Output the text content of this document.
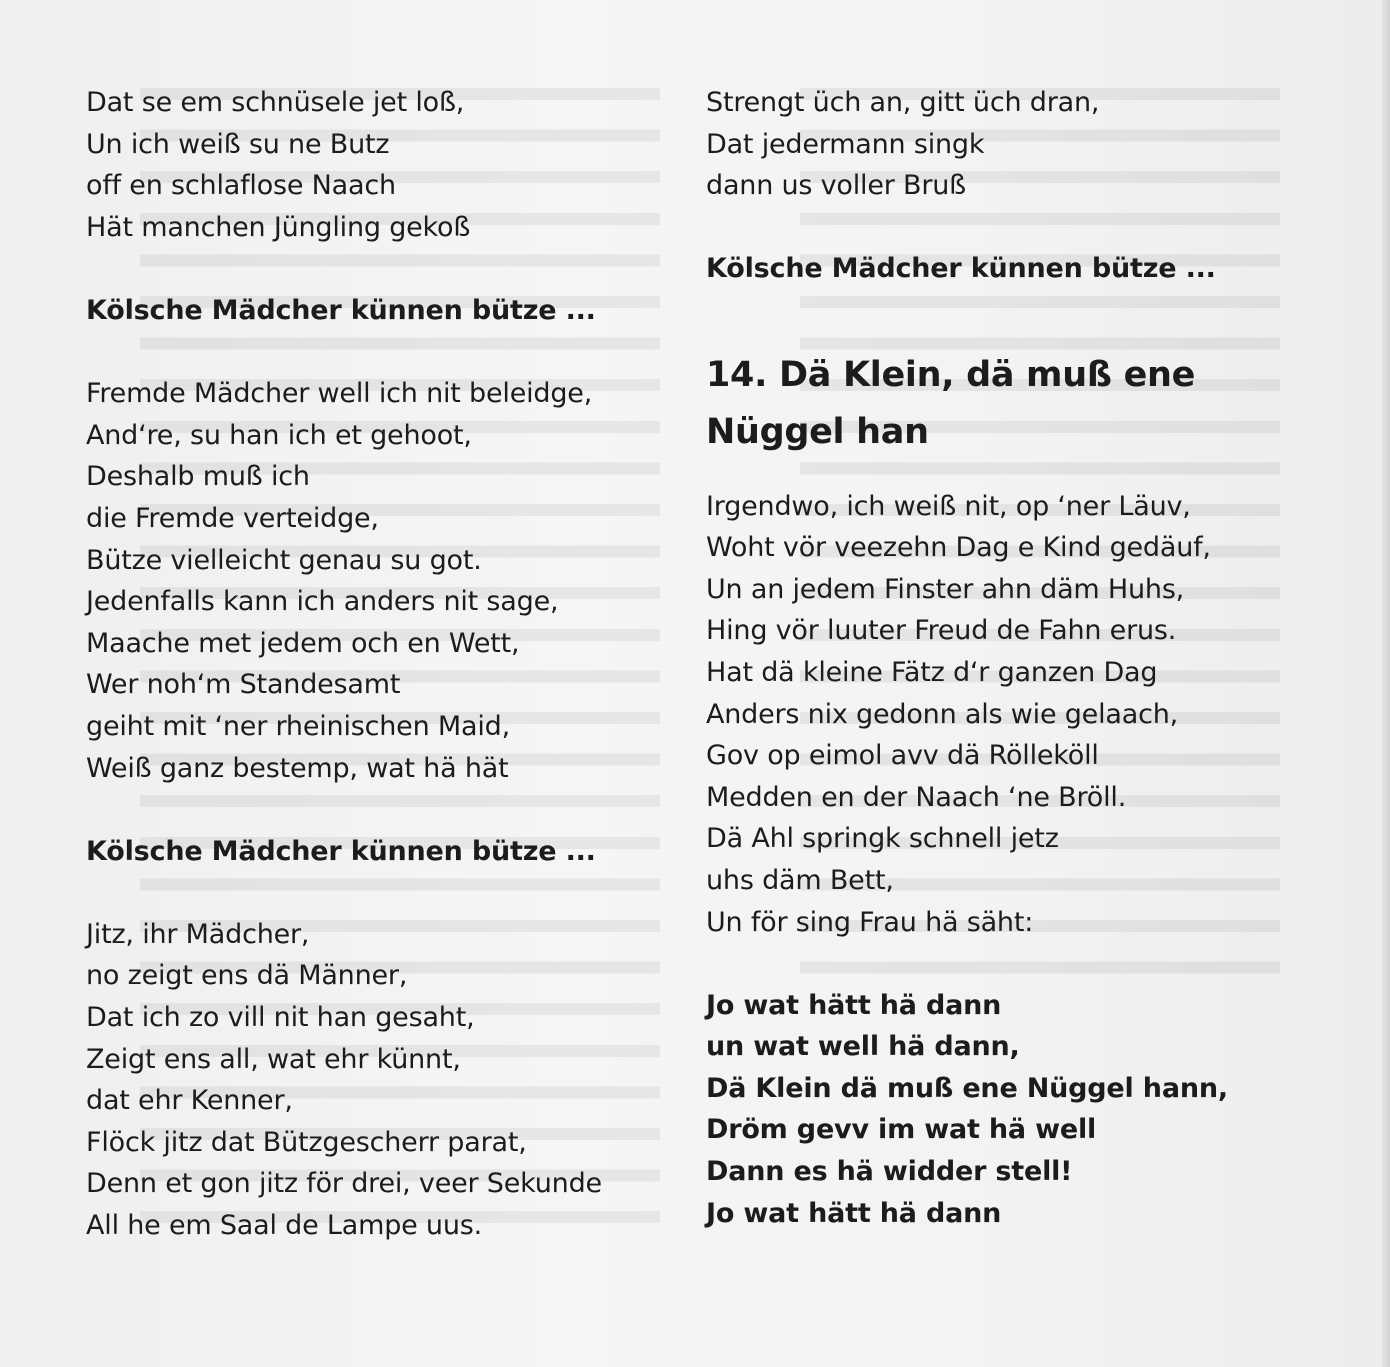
Dat se em schnüsele jet loß,
Un ich weiß su ne Butz
off en schlaflose Naach
Hät manchen Jüngling gekoß
Kölsche Mädcher künnen bütze ...
Fremde Mädcher well ich nit beleidge,
And‘re, su han ich et gehoot,
Deshalb muß ich
die Fremde verteidge,
Bütze vielleicht genau su got.
Jedenfalls kann ich anders nit sage,
Maache met jedem och en Wett,
Wer noh‘m Standesamt
geiht mit ‘ner rheinischen Maid,
Weiß ganz bestemp, wat hä hät
Kölsche Mädcher künnen bütze ...
Jitz, ihr Mädcher,
no zeigt ens dä Männer,
Dat ich zo vill nit han gesaht,
Zeigt ens all, wat ehr künnt,
dat ehr Kenner,
Flöck jitz dat Bützgescherr parat,
Denn et gon jitz för drei, veer Sekunde
All he em Saal de Lampe uus.
Strengt üch an, gitt üch dran,
Dat jedermann singk
dann us voller Bruß
Kölsche Mädcher künnen bütze ...
14. Dä Klein, dä muß ene
Nüggel han
Irgendwo, ich weiß nit, op ‘ner Läuv,
Woht vör veezehn Dag e Kind gedäuf,
Un an jedem Finster ahn däm Huhs,
Hing vör luuter Freud de Fahn erus.
Hat dä kleine Fätz d‘r ganzen Dag
Anders nix gedonn als wie gelaach,
Gov op eimol avv dä Rölleköll
Medden en der Naach ‘ne Bröll.
Dä Ahl springk schnell jetz
uhs däm Bett,
Un för sing Frau hä säht:
Jo wat hätt hä dann
un wat well hä dann,
Dä Klein dä muß ene Nüggel hann,
Dröm gevv im wat hä well
Dann es hä widder stell!
Jo wat hätt hä dann
